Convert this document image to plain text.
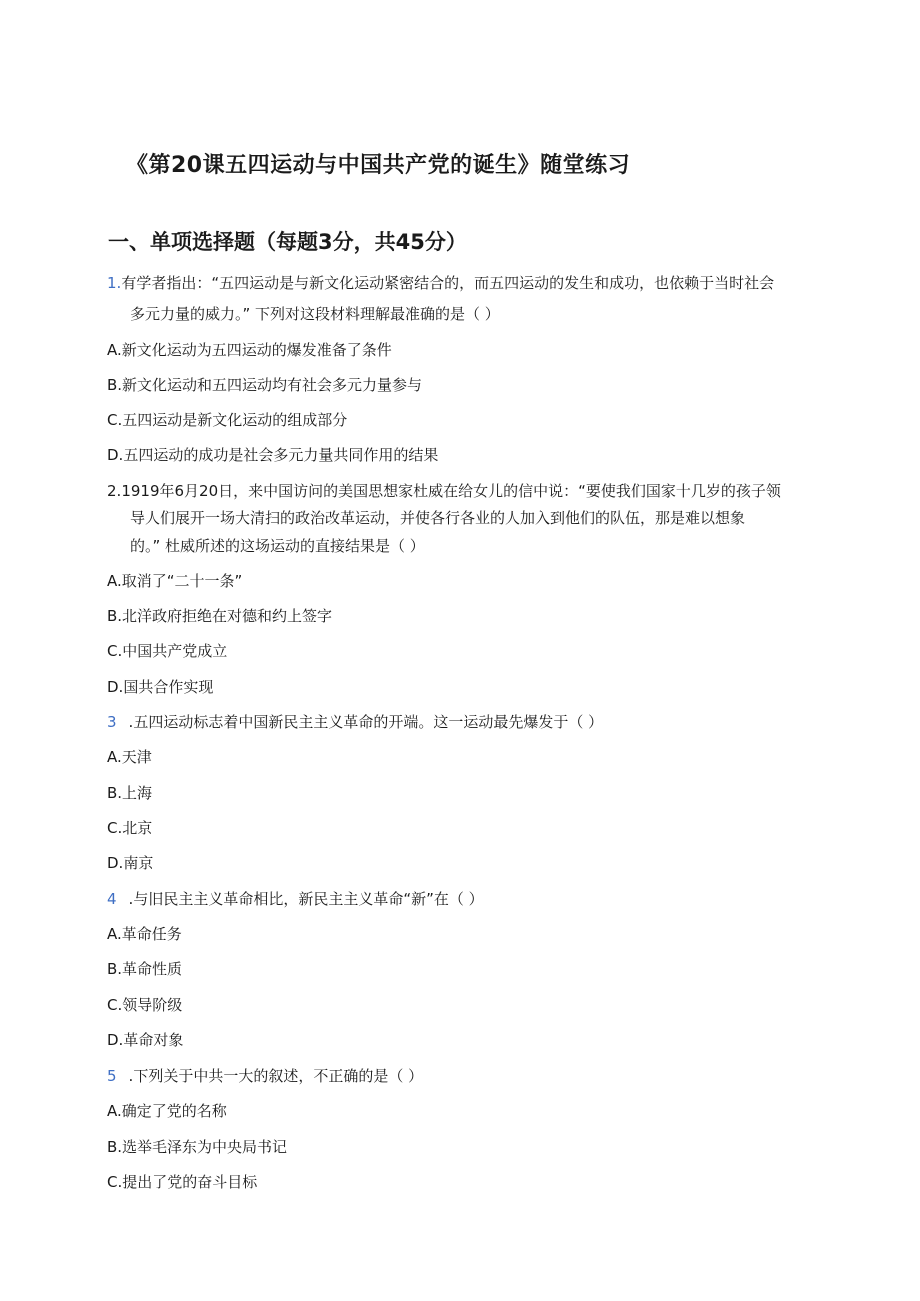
《第20课五四运动与中国共产党的诞生》随堂练习
一、单项选择题（每题3分，共45分）
1.有学者指出：“五四运动是与新文化运动紧密结合的，而五四运动的发生和成功，也依赖于当时社会
多元力量的威力。” 下列对这段材料理解最准确的是（ ）
A.新文化运动为五四运动的爆发准备了条件
B.新文化运动和五四运动均有社会多元力量参与
C.五四运动是新文化运动的组成部分
D.五四运动的成功是社会多元力量共同作用的结果
2.1919年6月20日，来中国访问的美国思想家杜威在给女儿的信中说：“要使我们国家十几岁的孩子领
导人们展开一场大清扫的政治改革运动，并使各行各业的人加入到他们的队伍，那是难以想象
的。” 杜威所述的这场运动的直接结果是（ ）
A.取消了“二十一条”
B.北洋政府拒绝在对德和约上签字
C.中国共产党成立
D.国共合作实现
3 .五四运动标志着中国新民主主义革命的开端。这一运动最先爆发于（ ）
A.天津
B.上海
C.北京
D.南京
4 .与旧民主主义革命相比，新民主主义革命“新”在（ ）
A.革命任务
B.革命性质
C.领导阶级
D.革命对象
5 .下列关于中共一大的叙述，不正确的是（ ）
A.确定了党的名称
B.选举毛泽东为中央局书记
C.提出了党的奋斗目标
